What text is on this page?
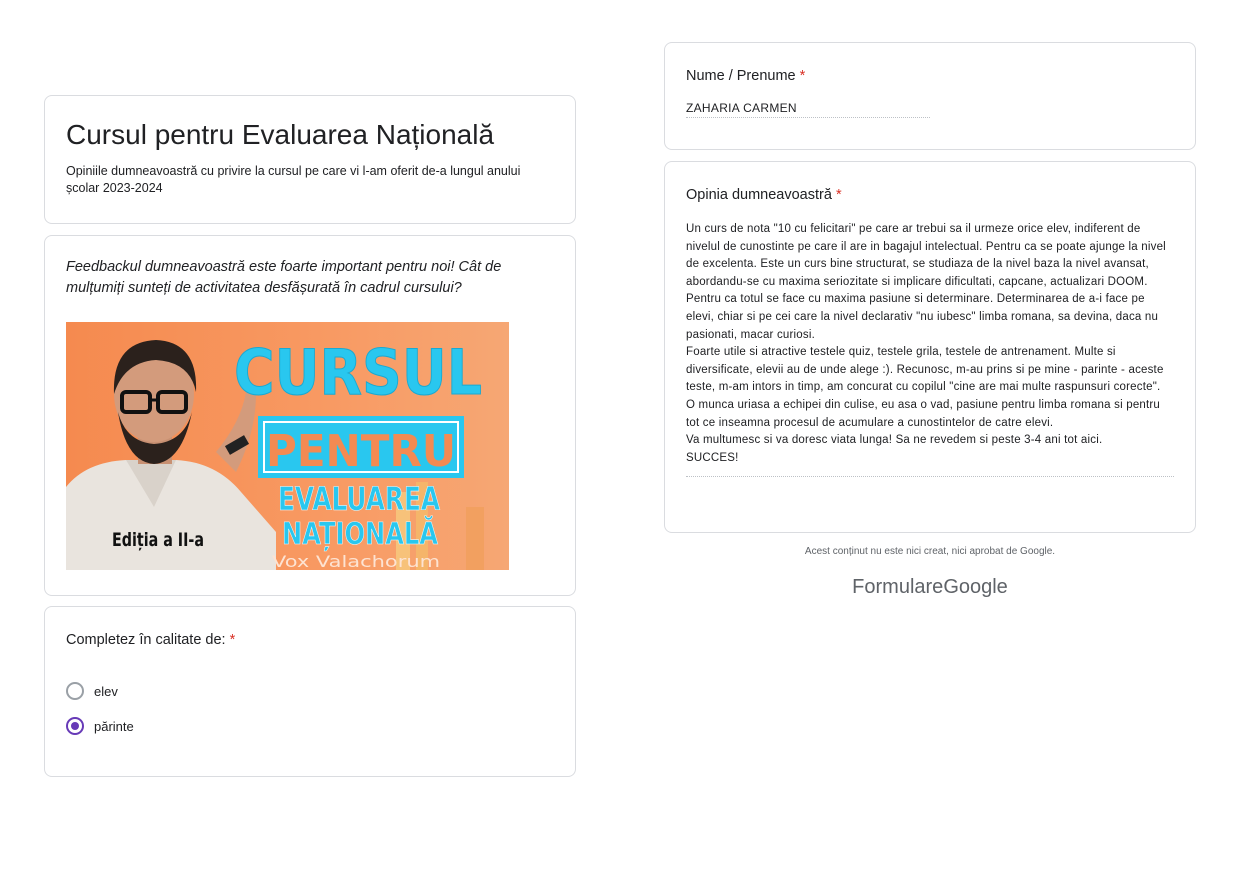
Cursul pentru Evaluarea Națională

Opiniile dumneavoastră cu privire la cursul pe care vi l-am oferit de-a lungul anului școlar 2023-2024

Feedbackul dumneavoastră este foarte important pentru noi! Cât de mulțumiți sunteți de activitatea desfășurată în cadrul cursului?

CURSUL
PENTRU
EVALUAREA
NAȚIONALĂ
Ediția a II-a
Vox Valachorum
Completez în calitate de: *
elev
părinte
Nume / Prenume *
ZAHARIA CARMEN
Opinia dumneavoastră *
Un curs de nota "10 cu felicitari" pe care ar trebui sa il urmeze orice elev, indiferent de nivelul de cunostinte pe care il are in bagajul intelectual. Pentru ca se poate ajunge la nivel de excelenta. Este un curs bine structurat, se studiaza de la nivel baza la nivel avansat, abordandu-se cu maxima seriozitate si implicare dificultati, capcane, actualizari DOOM. Pentru ca totul se face cu maxima pasiune si determinare. Determinarea de a-i face pe elevi, chiar si pe cei care la nivel declarativ "nu iubesc" limba romana, sa devina, daca nu pasionati, macar curiosi.
Foarte utile si atractive testele quiz, testele grila, testele de antrenament. Multe si diversificate, elevii au de unde alege :). Recunosc, m-au prins si pe mine - parinte - aceste teste, m-am intors in timp, am concurat cu copilul "cine are mai multe raspunsuri corecte".
O munca uriasa a echipei din culise, eu asa o vad, pasiune pentru limba romana si pentru tot ce inseamna procesul de acumulare a cunostintelor de catre elevi.
Va multumesc si va doresc viata lunga! Sa ne revedem si peste 3-4 ani tot aici.
SUCCES!
Acest conținut nu este nici creat, nici aprobat de Google.
FormulareGoogle
